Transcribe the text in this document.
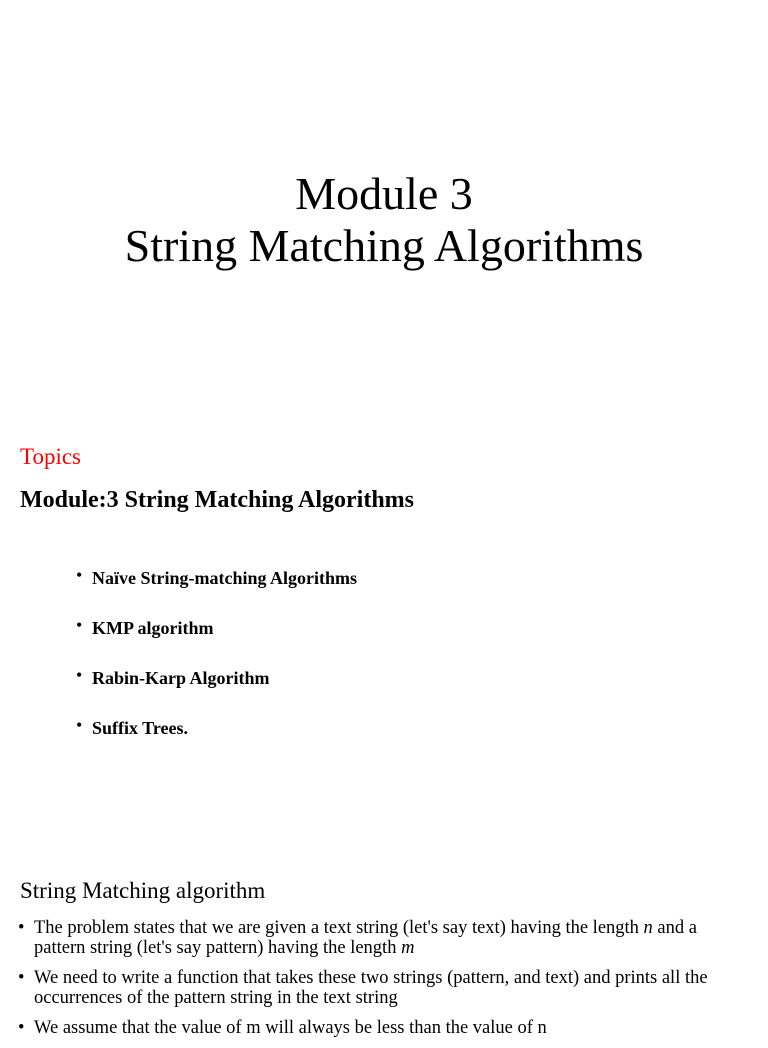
Module 3
String Matching Algorithms
Topics
Module:3 String Matching Algorithms
• Naïve String-matching Algorithms
• KMP algorithm
• Rabin-Karp Algorithm
• Suffix Trees.
String Matching algorithm
• The problem states that we are given a text string (let's say text) having the length n and a
pattern string (let's say pattern) having the length m
• We need to write a function that takes these two strings (pattern, and text) and prints all the
occurrences of the pattern string in the text string
• We assume that the value of m will always be less than the value of n
